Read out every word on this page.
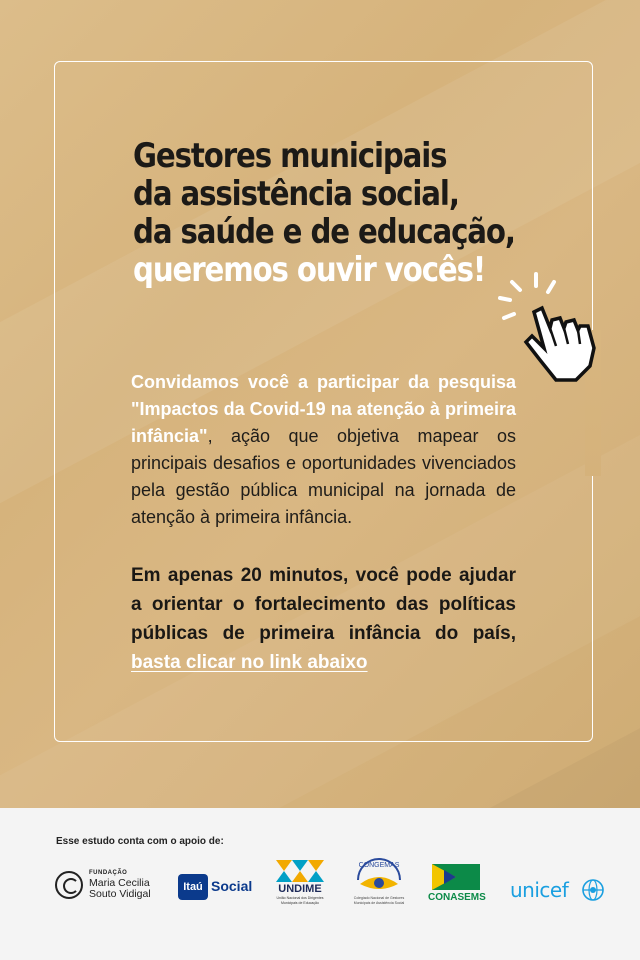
Gestores municipais
da assistência social,
da saúde e de educação,
queremos ouvir vocês!
Convidamos você a participar da pesquisa "Impactos da Covid-19 na atenção à primeira infância", ação que objetiva mapear os principais desafios e oportunidades vivenciados pela gestão pública municipal na jornada de atenção à primeira infância.
Em apenas 20 minutos, você pode ajudar a orientar o fortalecimento das políticas públicas de primeira infância do país, basta clicar no link abaixo
Esse estudo conta com o apoio de:
FUNDAÇÃO
Maria Cecilia Souto Vidigal
Itaú Social	UNDIME
União Nacional dos Dirigentes Municipais de Educação
CONGEMAS
Colegiado Nacional de Gestores Municipais de Assistência Social CONASEMS unicef
